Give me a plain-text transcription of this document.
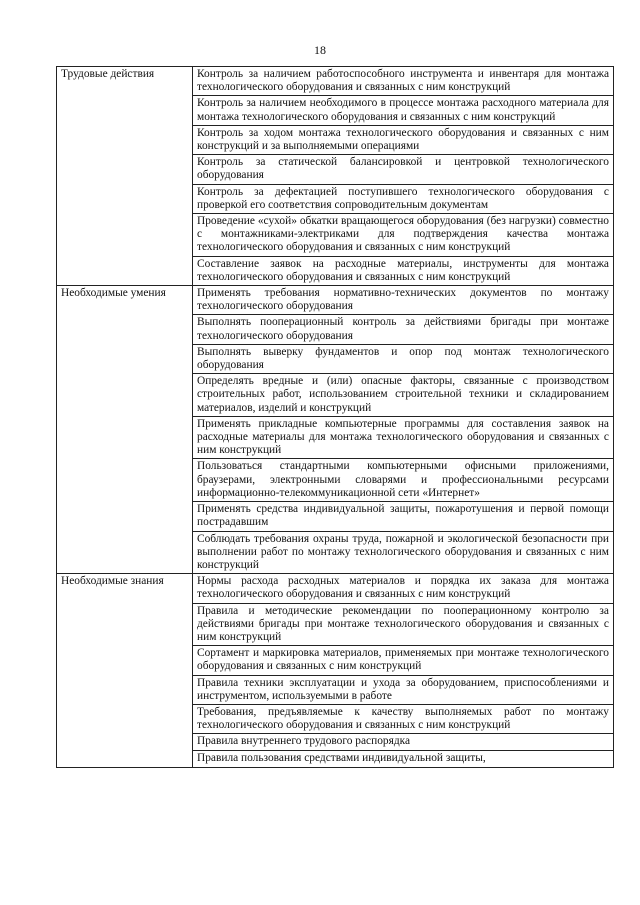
18
Трудовые действия	Контроль за наличием работоспособного инструмента и инвентаря для монтажа технологического оборудования и связанных с ним конструкций
	Контроль за наличием необходимого в процессе монтажа расходного материала для монтажа технологического оборудования и связанных с ним конструкций
	Контроль за ходом монтажа технологического оборудования и связанных с ним конструкций и за выполняемыми операциями
	Контроль за статической балансировкой и центровкой технологического оборудования
	Контроль за дефектацией поступившего технологического оборудования с проверкой его соответствия сопроводительным документам
	Проведение «сухой» обкатки вращающегося оборудования (без нагрузки) совместно с монтажниками-электриками для подтверждения качества монтажа технологического оборудования и связанных с ним конструкций
	Составление заявок на расходные материалы, инструменты для монтажа технологического оборудования и связанных с ним конструкций
Необходимые умения	Применять требования нормативно-технических документов по монтажу технологического оборудования
	Выполнять пооперационный контроль за действиями бригады при монтаже технологического оборудования
	Выполнять выверку фундаментов и опор под монтаж технологического оборудования
	Определять вредные и (или) опасные факторы, связанные с производством строительных работ, использованием строительной техники и складированием материалов, изделий и конструкций
	Применять прикладные компьютерные программы для составления заявок на расходные материалы для монтажа технологического оборудования и связанных с ним конструкций
	Пользоваться стандартными компьютерными офисными приложениями, браузерами, электронными словарями и профессиональными ресурсами информационно-телекоммуникационной сети «Интернет»
	Применять средства индивидуальной защиты, пожаротушения и первой помощи пострадавшим
	Соблюдать требования охраны труда, пожарной и экологической безопасности при выполнении работ по монтажу технологического оборудования и связанных с ним конструкций
Необходимые знания	Нормы расхода расходных материалов и порядка их заказа для монтажа технологического оборудования и связанных с ним конструкций
	Правила и методические рекомендации по пооперационному контролю за действиями бригады при монтаже технологического оборудования и связанных с ним конструкций
	Сортамент и маркировка материалов, применяемых при монтаже технологического оборудования и связанных с ним конструкций
	Правила техники эксплуатации и ухода за оборудованием, приспособлениями и инструментом, используемыми в работе
	Требования, предъявляемые к качеству выполняемых работ по монтажу технологического оборудования и связанных с ним конструкций
	Правила внутреннего трудового распорядка
	Правила пользования средствами индивидуальной защиты,
